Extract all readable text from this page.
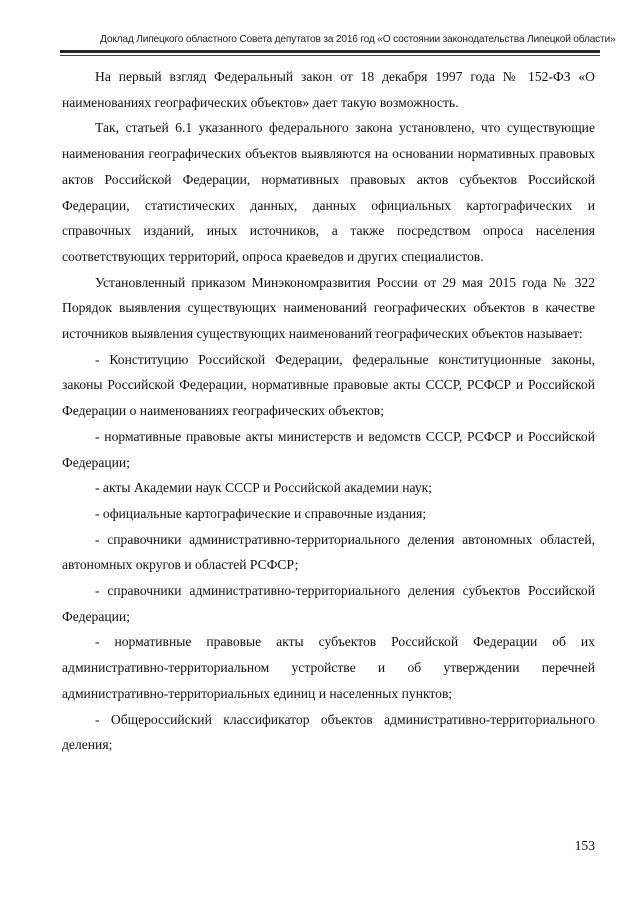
Доклад Липецкого областного Совета депутатов за 2016 год «О состоянии законодательства Липецкой области»

На первый взгляд Федеральный закон от 18 декабря 1997 года № 152-ФЗ «О наименованиях географических объектов» дает такую возможность.

Так, статьей 6.1 указанного федерального закона установлено, что существующие наименования географических объектов выявляются на основании нормативных правовых актов Российской Федерации, нормативных правовых актов субъектов Российской Федерации, статистических данных, данных официальных картографических и справочных изданий, иных источников, а также посредством опроса населения соответствующих территорий, опроса краеведов и других специалистов.

Установленный приказом Минэкономразвития России от 29 мая 2015 года № 322 Порядок выявления существующих наименований географических объектов в качестве источников выявления существующих наименований географических объектов называет:

- Конституцию Российской Федерации, федеральные конституционные законы, законы Российской Федерации, нормативные правовые акты СССР, РСФСР и Российской Федерации о наименованиях географических объектов;

- нормативные правовые акты министерств и ведомств СССР, РСФСР и Российской Федерации;

- акты Академии наук СССР и Российской академии наук;

- официальные картографические и справочные издания;

- справочники административно-территориального деления автономных областей, автономных округов и областей РСФСР;

- справочники административно-территориального деления субъектов Российской Федерации;

- нормативные правовые акты субъектов Российской Федерации об их административно-территориальном устройстве и об утверждении перечней административно-территориальных единиц и населенных пунктов;

- Общероссийский классификатор объектов административно-территориального деления;

153
